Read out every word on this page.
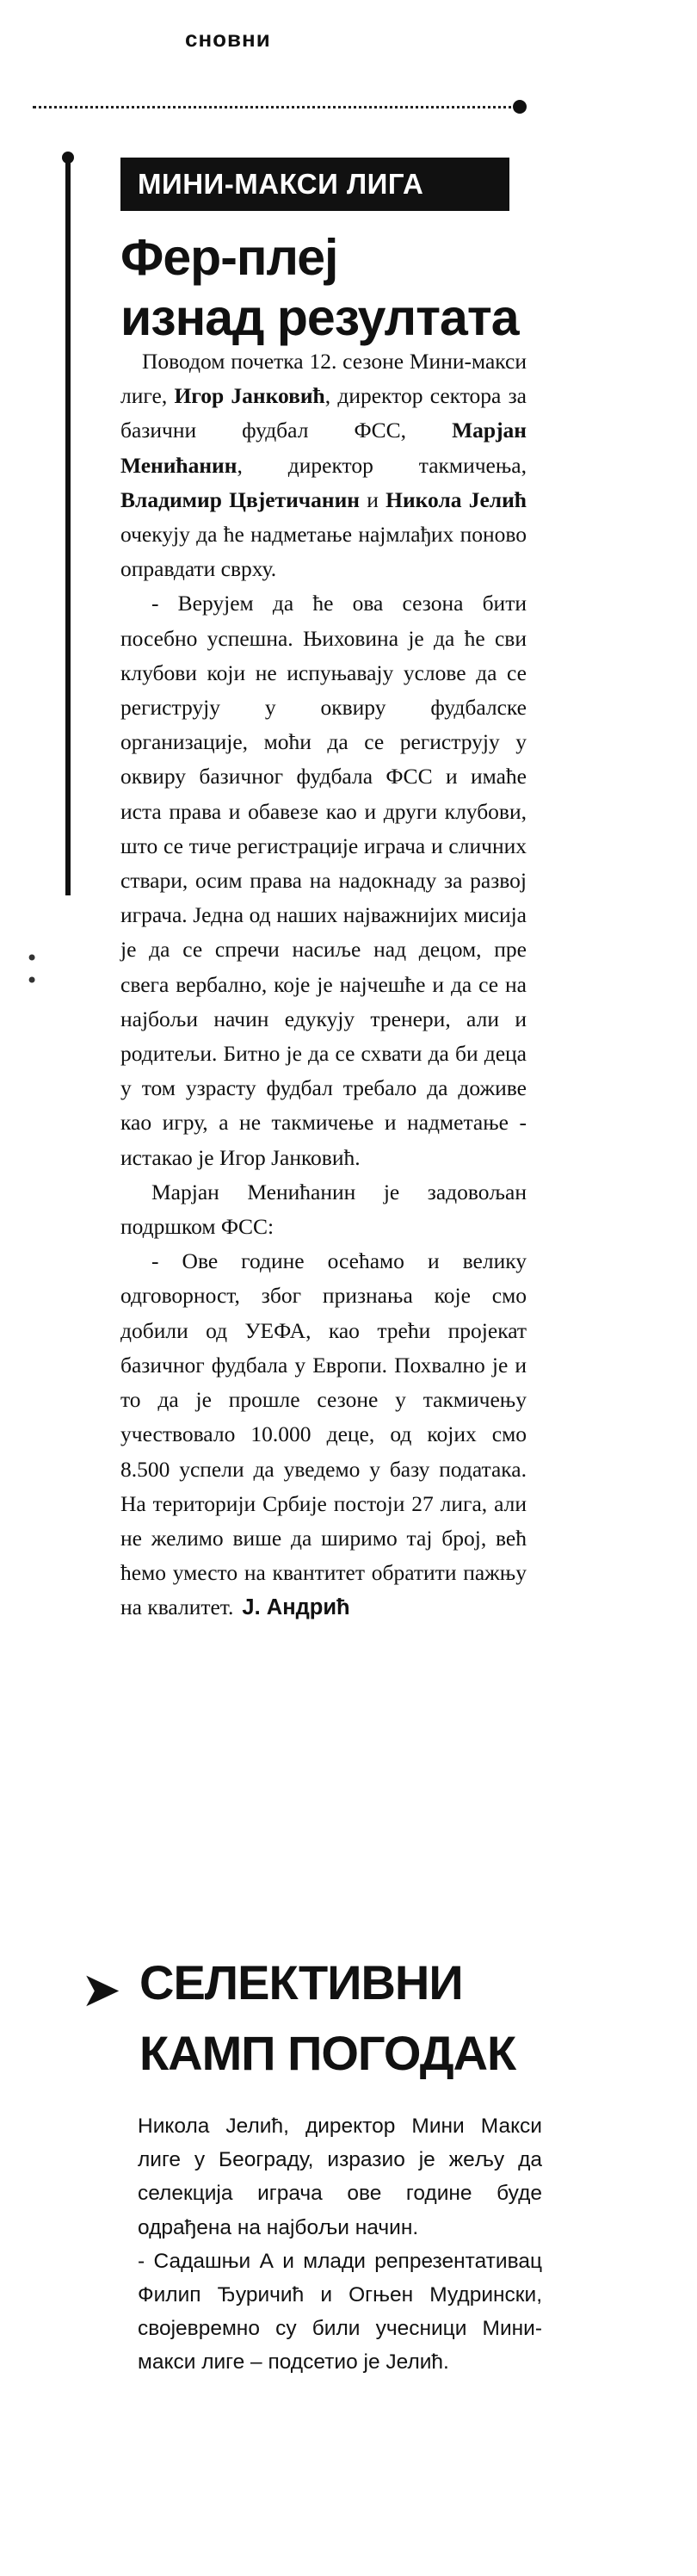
сновни
•
•
МИНИ-МАКСИ ЛИГА
Фер-плеј
изнад резултата

Поводом почетка 12. сезоне Мини-макси лиге, Игор Јанковић, директор сектора за базични фудбал ФСС, Марјан Менићанин, директор такмичења, Владимир Цвјетичанин и Никола Јелић очекују да ће надметање најмлађих поново оправдати сврху.

- Верујем да ће ова сезона бити посебно успешна. Њиховина је да ће сви клубови који не испуњавају услове да се региструју у оквиру фудбалске организације, моћи да се региструју у оквиру базичног фудбала ФСС и имаће иста права и обавезе као и други клубови, што се тиче регистрације играча и сличних ствари, осим права на надокнаду за развој играча. Једна од наших најважнијих мисија је да се спречи насиље над децом, пре свега вербално, које је најчешће и да се на најбољи начин едукују тренери, али и родитељи. Битно је да се схвати да би деца у том узрасту фудбал требало да доживе као игру, а не такмичење и надметање - истакао је Игор Јанковић.

Марјан Менићанин је задовољан подршком ФСС:

- Ове године осећамо и велику одговорност, због признања које смо добили од УЕФА, као трећи пројекат базичног фудбала у Европи. Похвално је и то да је прошле сезоне у такмичењу учествовало 10.000 деце, од којих смо 8.500 успели да уведемо у базу података. На територији Србије постоји 27 лига, али не желимо више да ширимо тај број, већ ћемо уместо на квантитет обратити пажњу на квалитет. Ј. Андрић

➤ СЕЛЕКТИВНИ
КАМП ПОГОДАК

Никола Јелић, директор Мини Макси лиге у Београду, изразио је жељу да селекција играча ове године буде одрађена на најбољи начин.

- Садашњи А и млади репрезентативац Филип Ђуричић и Огњен Мудрински, својевремно су били учесници Мини-макси лиге – подсетио је Јелић.
